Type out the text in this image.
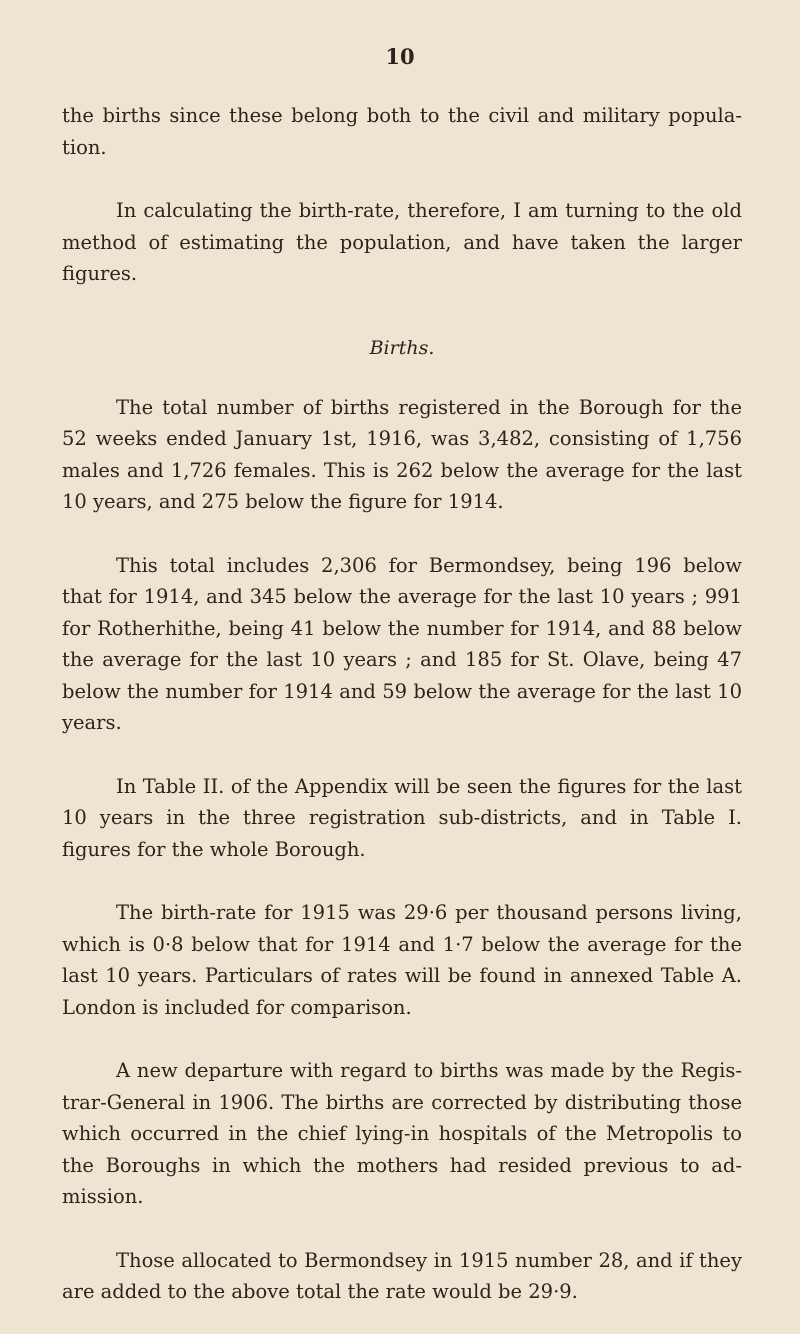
10

the births since these belong both to the civil and military popula- tion.

In calculating the birth-rate, therefore, I am turning to the old method of estimating the population, and have taken the larger figures.

Births.

The total number of births registered in the Borough for the 52 weeks ended January 1st, 1916, was 3,482, consisting of 1,756 males and 1,726 females. This is 262 below the average for the last 10 years, and 275 below the figure for 1914.

This total includes 2,306 for Bermondsey, being 196 below that for 1914, and 345 below the average for the last 10 years ; 991 for Rotherhithe, being 41 below the number for 1914, and 88 below the average for the last 10 years ; and 185 for St. Olave, being 47 below the number for 1914 and 59 below the average for the last 10 years.

In Table II. of the Appendix will be seen the figures for the last 10 years in the three registration sub-districts, and in Table I. figures for the whole Borough.

The birth-rate for 1915 was 29·6 per thousand persons living, which is 0·8 below that for 1914 and 1·7 below the average for the last 10 years. Particulars of rates will be found in annexed Table A. London is included for comparison.

A new departure with regard to births was made by the Regis- trar-General in 1906. The births are corrected by distributing those which occurred in the chief lying-in hospitals of the Metropolis to the Boroughs in which the mothers had resided previous to ad- mission.

Those allocated to Bermondsey in 1915 number 28, and if they are added to the above total the rate would be 29·9.
